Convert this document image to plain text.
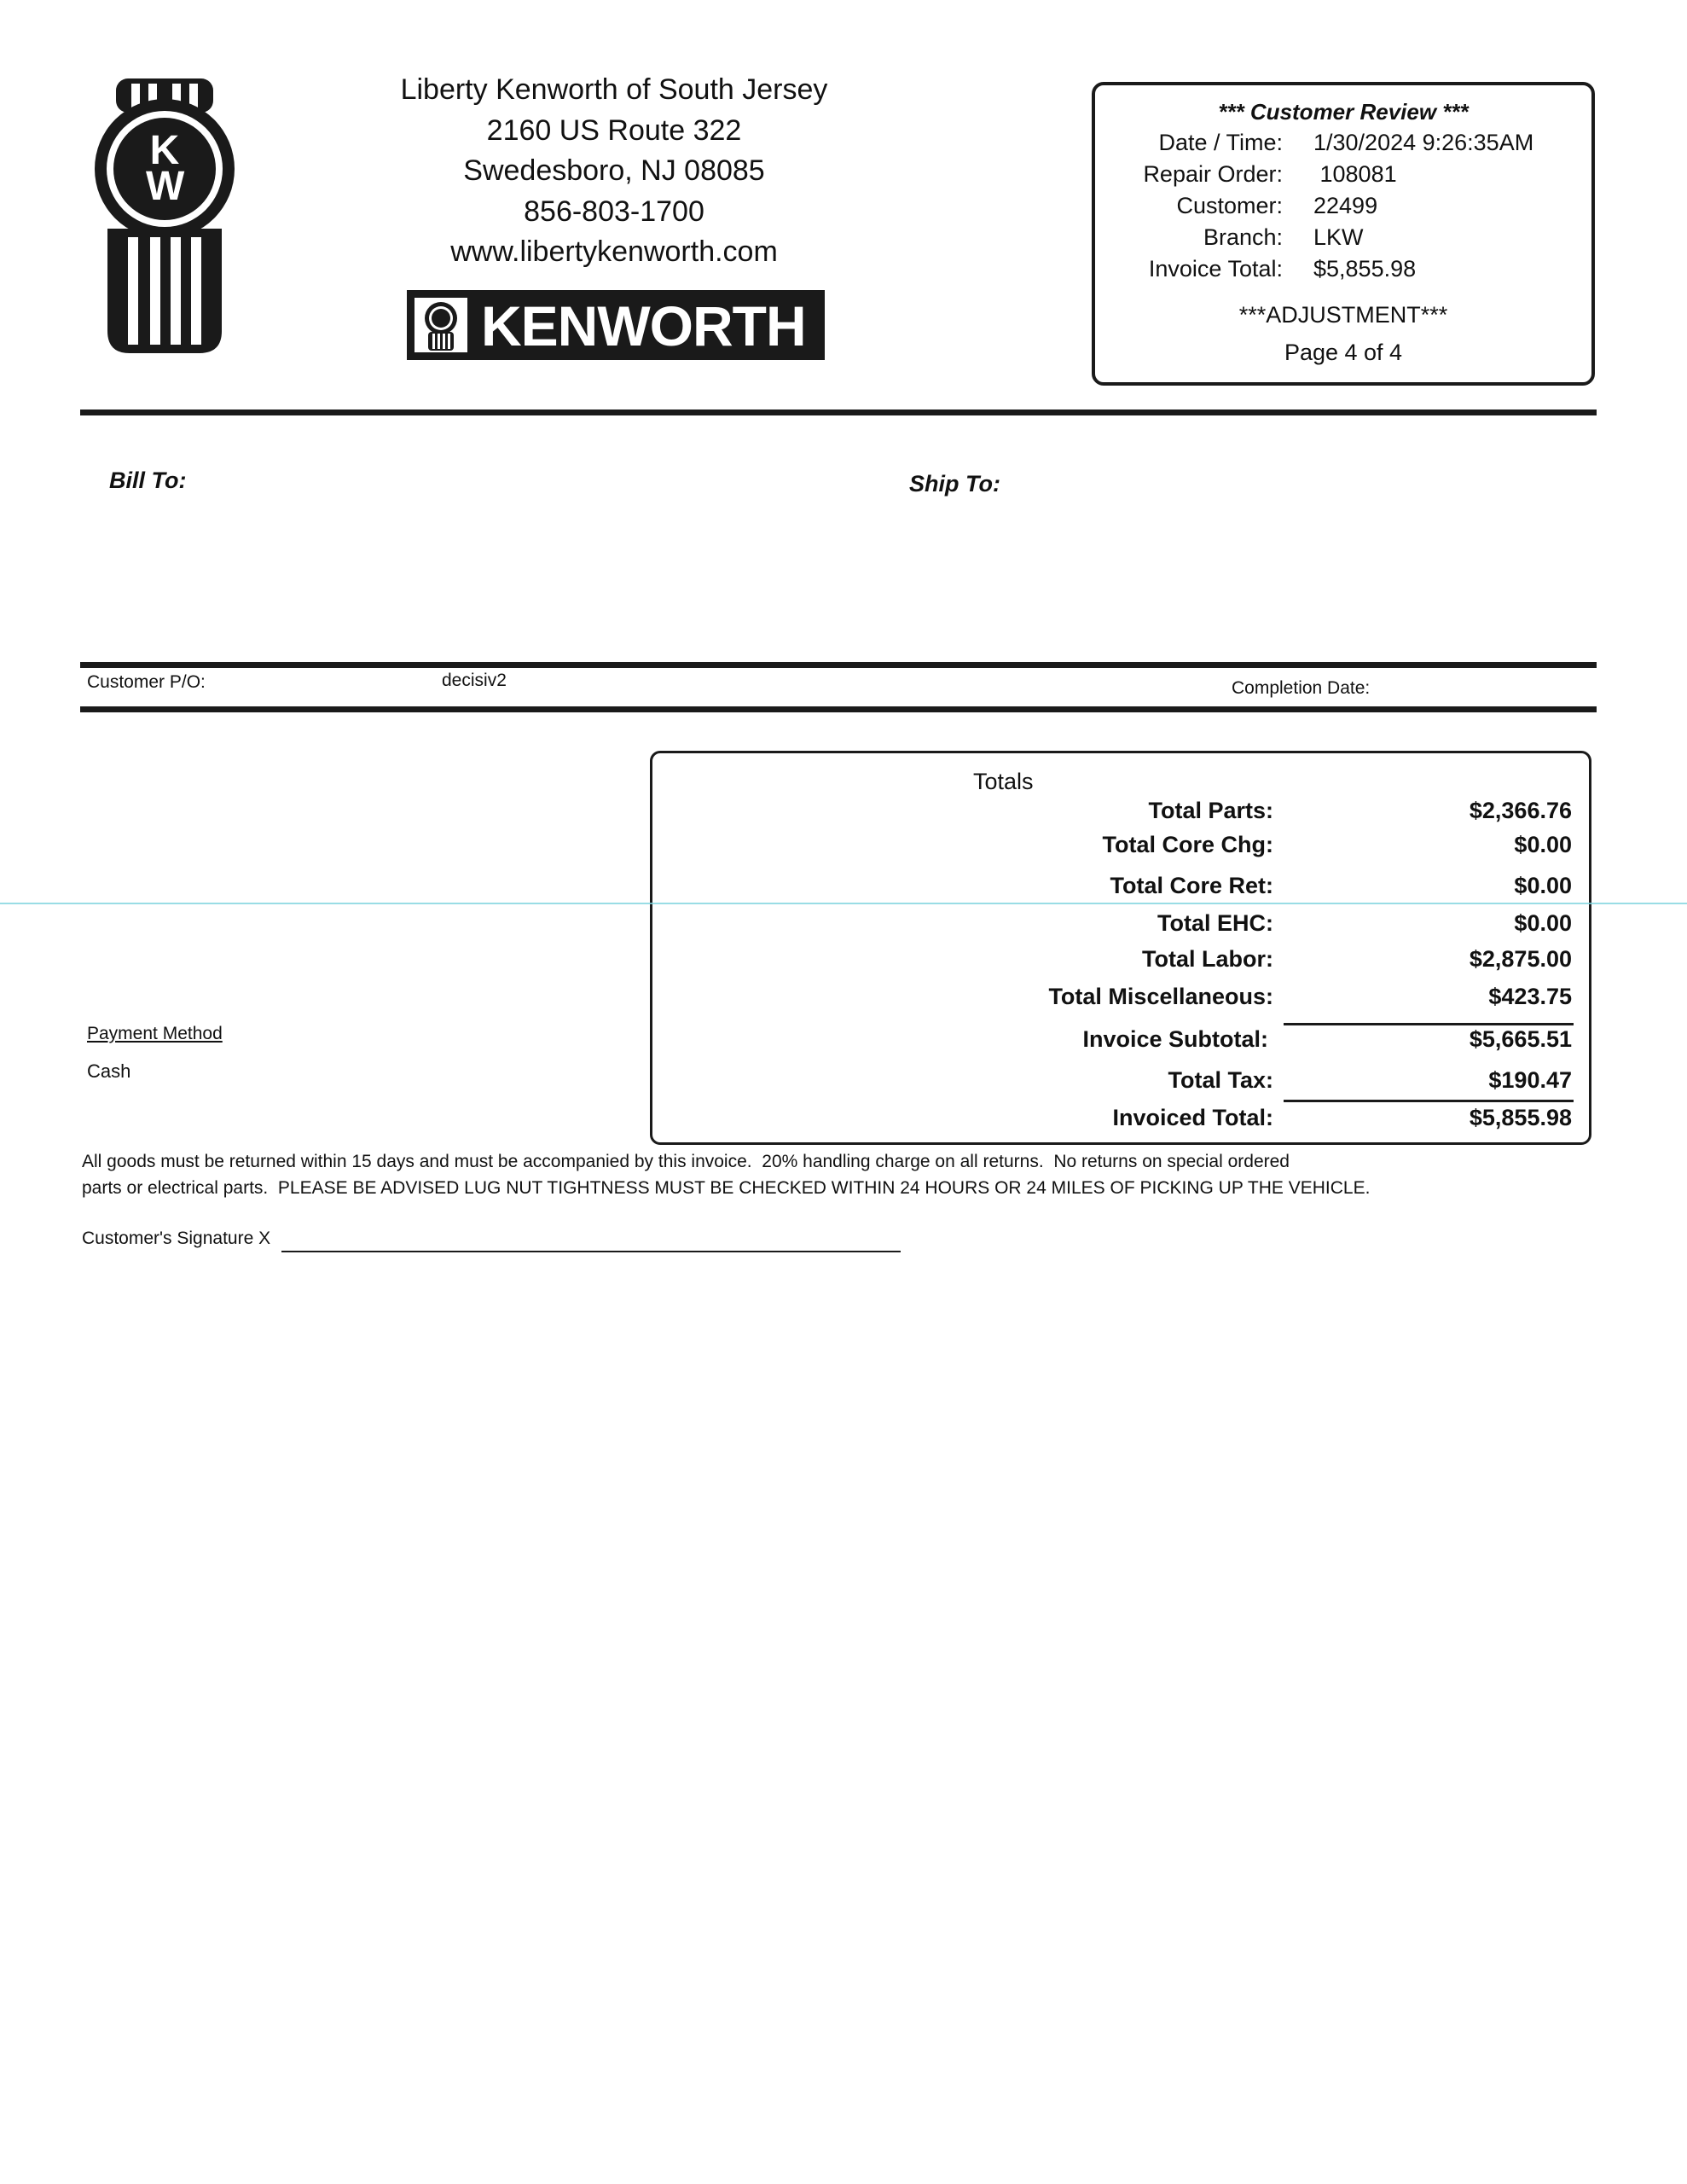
KW
Liberty Kenworth of South Jersey
2160 US Route 322
Swedesboro, NJ 08085
856-803-1700
www.libertykenworth.com
KENWORTH
*** Customer Review ***
Date / Time: 1/30/2024 9:26:35AM
Repair Order: 108081
Customer: 22499
Branch: LKW
Invoice Total: $5,855.98
***ADJUSTMENT***
Page 4 of 4
Bill To:	Ship To:
Customer P/O:	decisiv2	Completion Date:
Totals
Total Parts:	$2,366.76
Total Core Chg:	$0.00
Total Core Ret:	$0.00
Total EHC:	$0.00
Total Labor:	$2,875.00
Total Miscellaneous:	$423.75
Invoice Subtotal:	$5,665.51
Total Tax:	$190.47
Invoiced Total:	$5,855.98
Payment Method
Cash
All goods must be returned within 15 days and must be accompanied by this invoice.  20% handling charge on all returns.  No returns on special ordered
parts or electrical parts.  PLEASE BE ADVISED LUG NUT TIGHTNESS MUST BE CHECKED WITHIN 24 HOURS OR 24 MILES OF PICKING UP THE VEHICLE.
Customer's Signature X
